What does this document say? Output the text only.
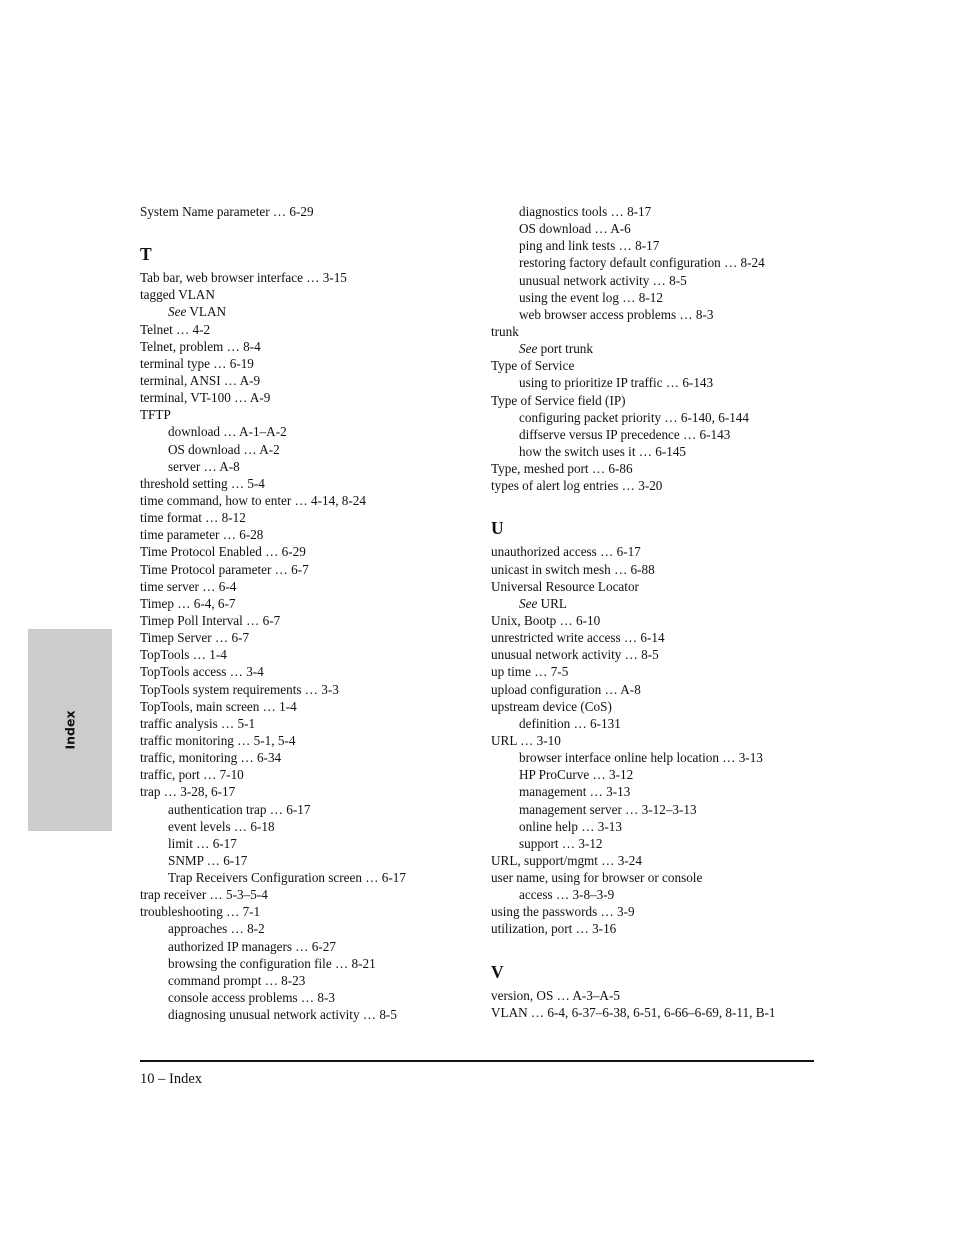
System Name parameter … 6-29
T
Tab bar, web browser interface … 3-15
tagged VLAN
See VLAN
Telnet … 4-2
Telnet, problem … 8-4
terminal type … 6-19
terminal, ANSI … A-9
terminal, VT-100 … A-9
TFTP
download … A-1–A-2
OS download … A-2
server … A-8
threshold setting … 5-4
time command, how to enter … 4-14, 8-24
time format … 8-12
time parameter … 6-28
Time Protocol Enabled … 6-29
Time Protocol parameter … 6-7
time server … 6-4
Timep … 6-4, 6-7
Timep Poll Interval … 6-7
Timep Server … 6-7
TopTools … 1-4
TopTools access … 3-4
TopTools system requirements … 3-3
TopTools, main screen … 1-4
traffic analysis … 5-1
traffic monitoring … 5-1, 5-4
traffic, monitoring … 6-34
traffic, port … 7-10
trap … 3-28, 6-17
authentication trap … 6-17
event levels … 6-18
limit … 6-17
SNMP … 6-17
Trap Receivers Configuration screen … 6-17
trap receiver … 5-3–5-4
troubleshooting … 7-1
approaches … 8-2
authorized IP managers … 6-27
browsing the configuration file … 8-21
command prompt … 8-23
console access problems … 8-3
diagnosing unusual network activity … 8-5
diagnostics tools … 8-17
OS download … A-6
ping and link tests … 8-17
restoring factory default configuration … 8-24
unusual network activity … 8-5
using the event log … 8-12
web browser access problems … 8-3
trunk
See port trunk
Type of Service
using to prioritize IP traffic … 6-143
Type of Service field (IP)
configuring packet priority … 6-140, 6-144
diffserve versus IP precedence … 6-143
how the switch uses it … 6-145
Type, meshed port … 6-86
types of alert log entries … 3-20
U
unauthorized access … 6-17
unicast in switch mesh … 6-88
Universal Resource Locator
See URL
Unix, Bootp … 6-10
unrestricted write access … 6-14
unusual network activity … 8-5
up time … 7-5
upload configuration … A-8
upstream device (CoS)
definition … 6-131
URL … 3-10
browser interface online help location … 3-13
HP ProCurve … 3-12
management … 3-13
management server … 3-12–3-13
online help … 3-13
support … 3-12
URL, support/mgmt … 3-24
user name, using for browser or console
access … 3-8–3-9
using the passwords … 3-9
utilization, port … 3-16
V
version, OS … A-3–A-5
VLAN … 6-4, 6-37–6-38, 6-51, 6-66–6-69, 8-11, B-1
Index
10 – Index
